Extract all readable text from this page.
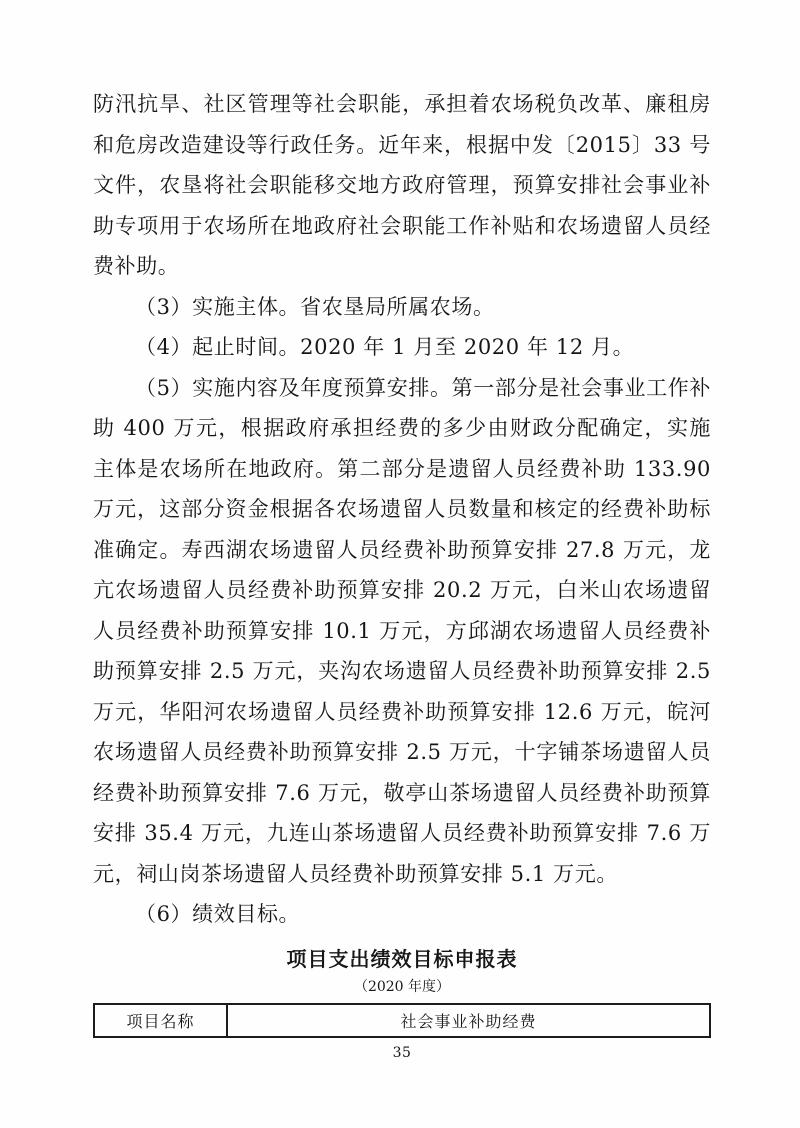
防汛抗旱、社区管理等社会职能，承担着农场税负改革、廉租房和危房改造建设等行政任务。近年来，根据中发〔2015〕33 号文件，农垦将社会职能移交地方政府管理，预算安排社会事业补助专项用于农场所在地政府社会职能工作补贴和农场遗留人员经费补助。

（3）实施主体。省农垦局所属农场。

（4）起止时间。2020 年 1 月至 2020 年 12 月。

（5）实施内容及年度预算安排。第一部分是社会事业工作补助 400 万元，根据政府承担经费的多少由财政分配确定，实施主体是农场所在地政府。第二部分是遗留人员经费补助 133.90 万元，这部分资金根据各农场遗留人员数量和核定的经费补助标准确定。寿西湖农场遗留人员经费补助预算安排 27.8 万元，龙亢农场遗留人员经费补助预算安排 20.2 万元，白米山农场遗留人员经费补助预算安排 10.1 万元，方邱湖农场遗留人员经费补助预算安排 2.5 万元，夹沟农场遗留人员经费补助预算安排 2.5 万元，华阳河农场遗留人员经费补助预算安排 12.6 万元，皖河农场遗留人员经费补助预算安排 2.5 万元，十字铺茶场遗留人员经费补助预算安排 7.6 万元，敬亭山茶场遗留人员经费补助预算安排 35.4 万元，九连山茶场遗留人员经费补助预算安排 7.6 万元，祠山岗茶场遗留人员经费补助预算安排 5.1 万元。

（6）绩效目标。

项目支出绩效目标申报表
（2020 年度）
项目名称	社会事业补助经费
35
